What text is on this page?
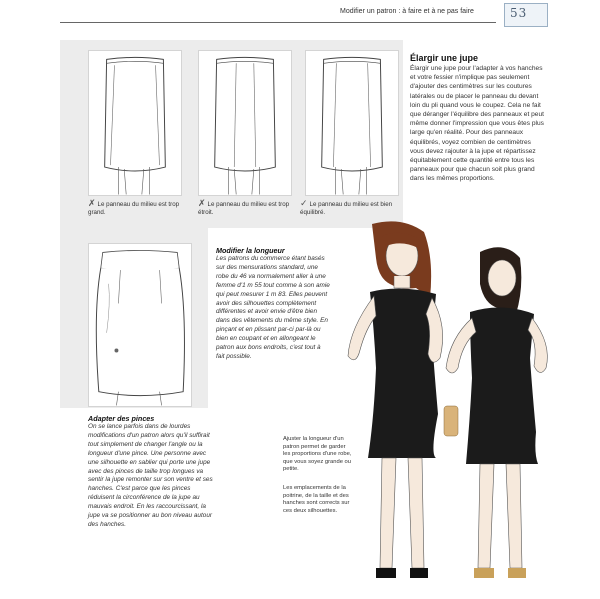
Modifier un patron : à faire et à ne pas faire	53
✗ Le panneau du milieu est trop grand.
✗ Le panneau du milieu est trop étroit.
✓ Le panneau du milieu est bien équilibré.
Élargir une jupe
Élargir une jupe pour l'adapter à vos hanches et votre fessier n'implique pas seulement d'ajouter des centimètres sur les coutures latérales ou de placer le panneau du devant loin du pli quand vous le coupez. Cela ne fait que déranger l'équilibre des panneaux et peut même donner l'impression que vous êtes plus large qu'en réalité. Pour des panneaux équilibrés, voyez combien de centimètres vous devez rajouter à la jupe et répartissez équitablement cette quantité entre tous les panneaux pour que chacun soit plus grand dans les mêmes proportions.
Modifier la longueur
Les patrons du commerce étant basés sur des mensurations standard, une robe du 46 va normalement aller à une femme d'1 m 55 tout comme à son amie qui peut mesurer 1 m 83. Elles peuvent avoir des silhouettes complètement différentes et avoir envie d'être bien dans des vêtements du même style. En pinçant et en plissant par-ci par-là ou bien en coupant et en allongeant le patron aux bons endroits, c'est tout à fait possible.
Adapter des pinces
On se lance parfois dans de lourdes modifications d'un patron alors qu'il suffirait tout simplement de changer l'angle ou la longueur d'une pince. Une personne avec une silhouette en sablier qui porte une jupe avec des pinces de taille trop longues va sentir la jupe remonter sur son ventre et ses hanches. C'est parce que les pinces réduisent la circonférence de la jupe au mauvais endroit. En les raccourcissant, la jupe va se positionner au bon niveau autour des hanches.
Ajuster la longueur d'un patron permet de garder les proportions d'une robe, que vous soyez grande ou petite.
Les emplacements de la poitrine, de la taille et des hanches sont corrects sur ces deux silhouettes.
